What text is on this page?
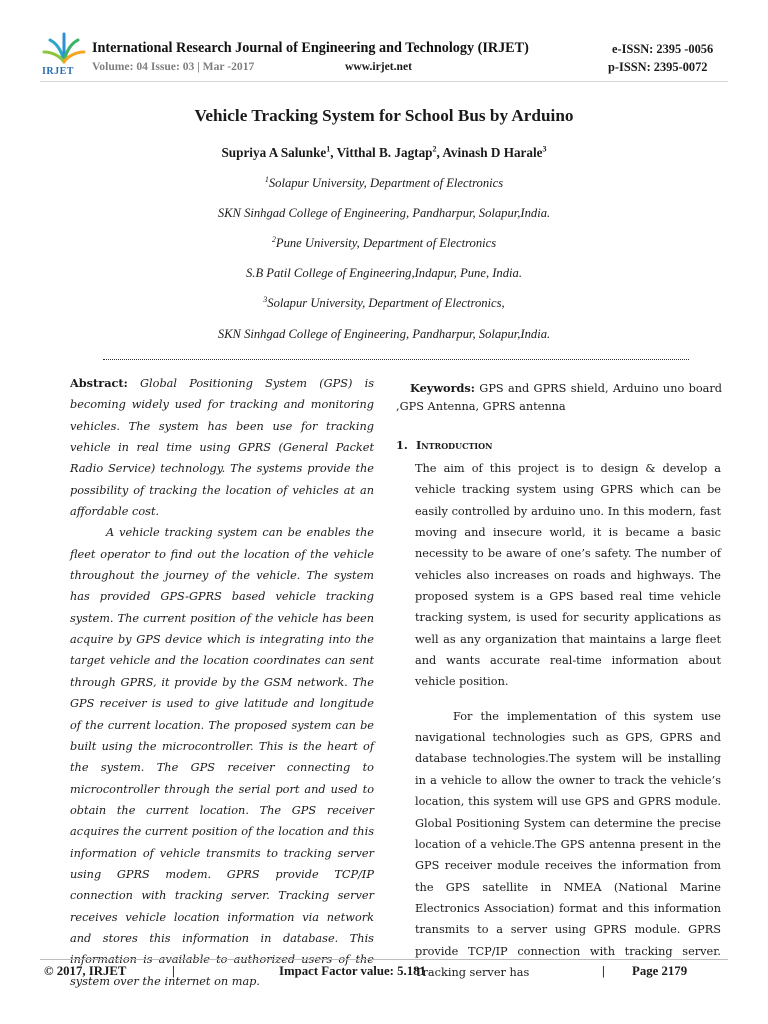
IRJET
International Research Journal of Engineering and Technology (IRJET)	e-ISSN: 2395 -0056
Volume: 04 Issue: 03 | Mar -2017	www.irjet.net	p-ISSN: 2395-0072
Vehicle Tracking System for School Bus by Arduino
Supriya A Salunke$^1$, Vitthal B. Jagtap$^2$, Avinash D Harale$^3$
$^1$Solapur University, Department of Electronics
SKN Sinhgad College of Engineering, Pandharpur, Solapur,India.
$^2$Pune University, Department of Electronics
S.B Patil College of Engineering,Indapur, Pune, India.
$^3$Solapur University, Department of Electronics,
SKN Sinhgad College of Engineering, Pandharpur, Solapur,India.

Abstract: Global Positioning System (GPS) is becoming widely used for tracking and monitoring vehicles. The system has been use for tracking vehicle in real time using GPRS (General Packet Radio Service) technology. The systems provide the possibility of tracking the location of vehicles at an affordable cost.

A vehicle tracking system can be enables the fleet operator to find out the location of the vehicle throughout the journey of the vehicle. The system has provided GPS-GPRS based vehicle tracking system. The current position of the vehicle has been acquire by GPS device which is integrating into the target vehicle and the location coordinates can sent through GPRS, it provide by the GSM network. The GPS receiver is used to give latitude and longitude of the current location. The proposed system can be built using the microcontroller. This is the heart of the system. The GPS receiver connecting to microcontroller through the serial port and used to obtain the current location. The GPS receiver acquires the current position of the location and this information of vehicle transmits to tracking server using GPRS modem. GPRS provide TCP/IP connection with tracking server. Tracking server receives vehicle location information via network and stores this information in database. This system over the internet on map.

Keywords: GPS and GPRS shield, Arduino uno board
,GPS Antenna, GPRS antenna
1. Introduction

The aim of this project is to design & develop a vehicle tracking system using GPRS which can be easily controlled by arduino uno. In this modern, fast moving and insecure world, it is became a basic necessity to be aware of one’s safety. The number of vehicles also increases on roads and highways. The proposed system is a GPS based real time vehicle tracking system, is used for security applications as well as any organization that maintains a large fleet and wants accurate real-time information about vehicle position.

For the implementation of this system use navigational technologies such as GPS, GPRS and database technologies.The system will be installing in a vehicle to allow the owner to track the vehicle’s location, this system will use GPS and GPRS module. Global Positioning System can determine the precise location of a vehicle.The GPS antenna present in the GPS receiver module receives the information from the GPS satellite in NMEA (National Marine Electronics Association) format and this information transmits to a server using GPRS module. GPRS provide TCP/IP connection with tracking server. Tracking server has

© 2017, IRJET	|	Impact Factor value: 5.181	| Page 2179
